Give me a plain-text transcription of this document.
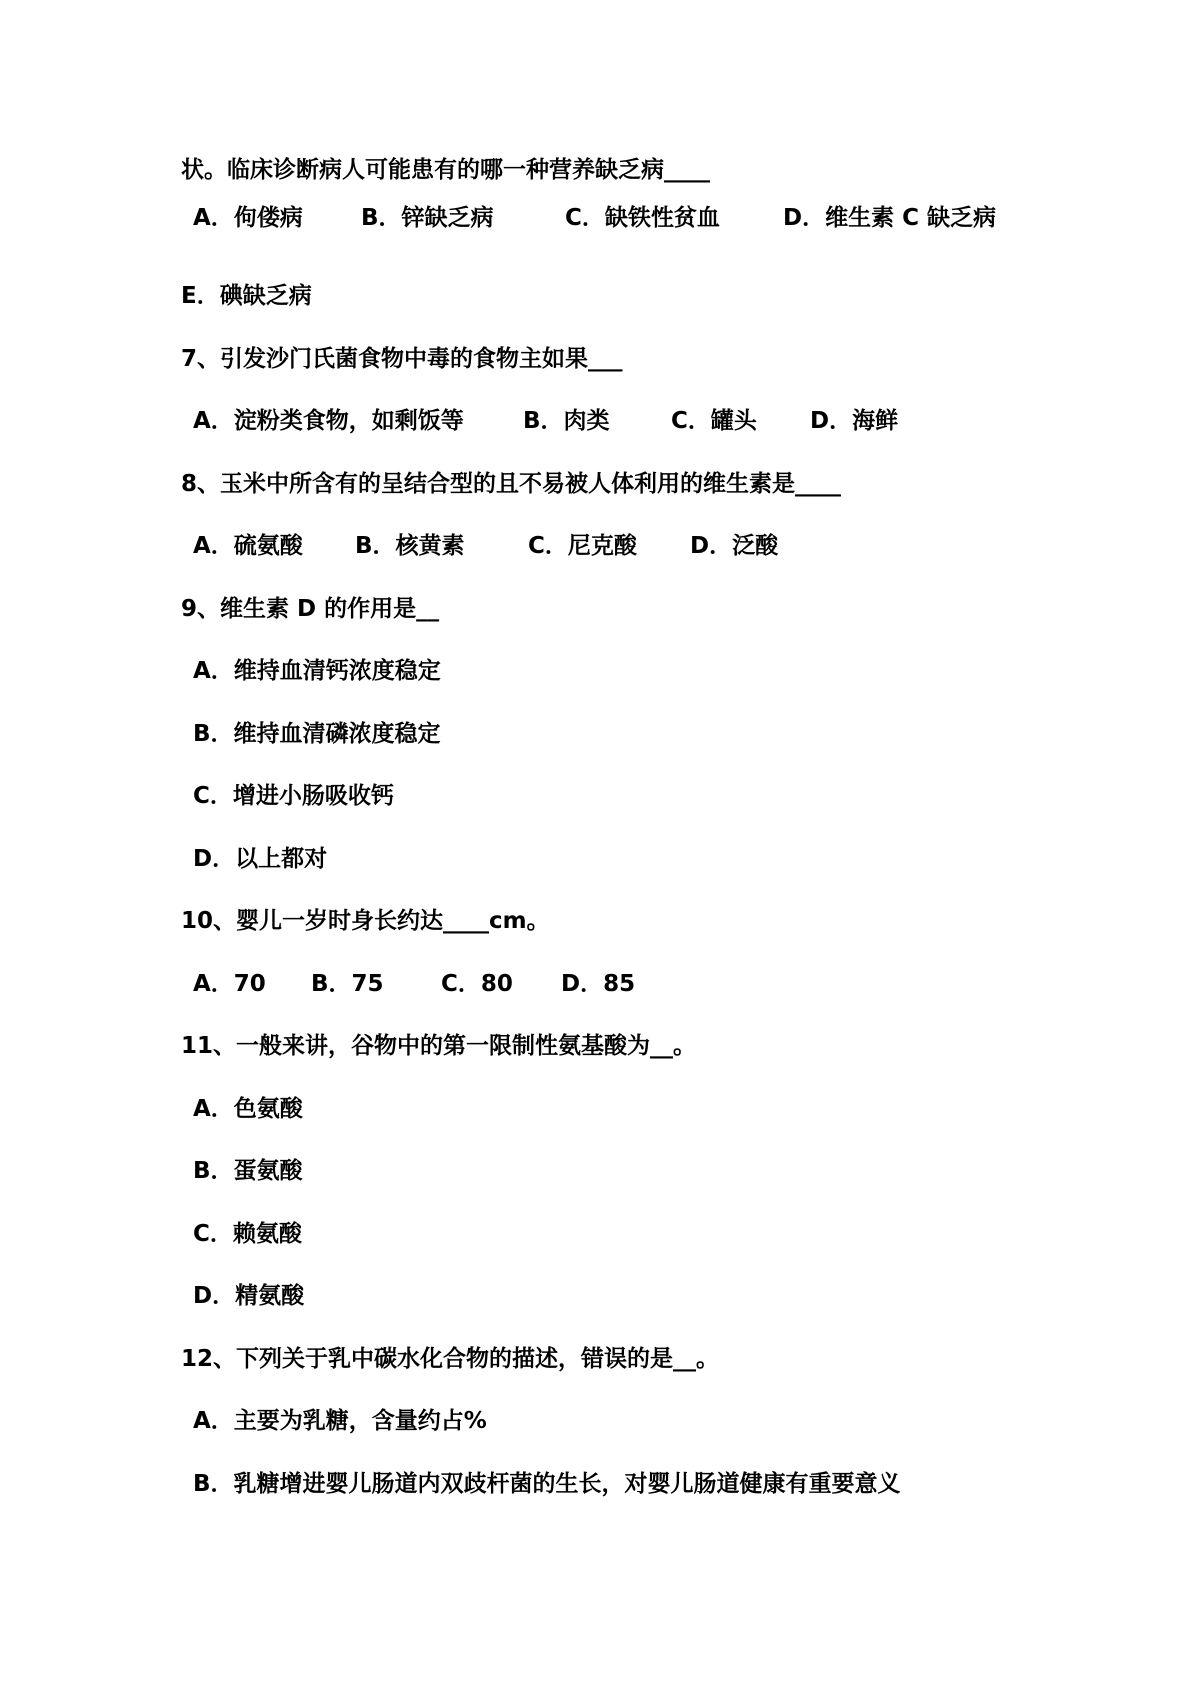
状。临床诊断病人可能患有的哪一种营养缺乏病____

A．佝偻病

	B．锌缺乏病

	C．缺铁性贫血

	D．维生素 C 缺乏病

E．碘缺乏病
7、引发沙门氏菌食物中毒的食物主如果___

A．淀粉类食物，如剩饭等

	B．肉类

	C．罐头

D．海鲜

8、玉米中所含有的呈结合型的且不易被人体利用的维生素是____

A．硫氨酸

B．核黄素

	C．尼克酸

D．泛酸

9、维生素 D 的作用是__
A．维持血清钙浓度稳定
B．维持血清磷浓度稳定
C．增进小肠吸收钙
D．以上都对
10、婴儿一岁时身长约达____cm。

A．70

B．75

C．80

D．85

11、一般来讲，谷物中的第一限制性氨基酸为__。
A．色氨酸
B．蛋氨酸
C．赖氨酸
D．精氨酸
12、下列关于乳中碳水化合物的描述，错误的是__。
A．主要为乳糖，含量约占%
B．乳糖增进婴儿肠道内双歧杆菌的生长，对婴儿肠道健康有重要意义
